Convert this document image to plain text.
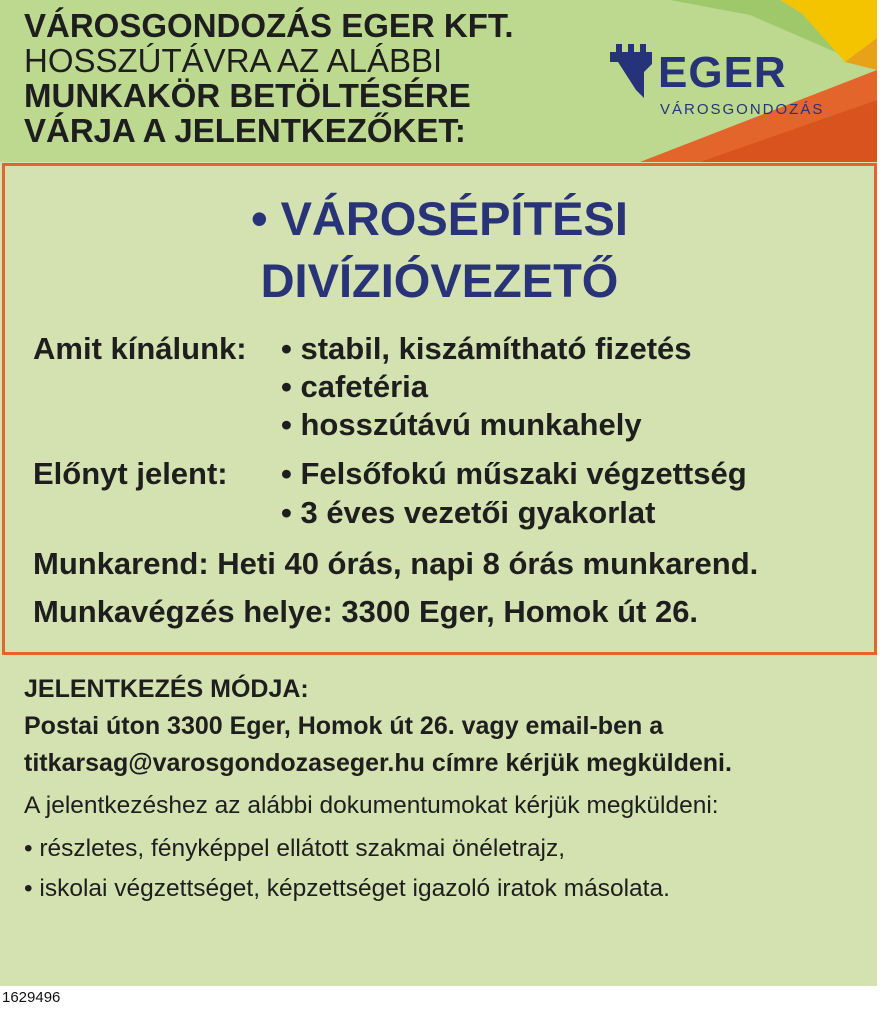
VÁROSGONDOZÁS EGER KFT.
HOSSZÚTÁVRA AZ ALÁBBI
MUNKAKÖR BETÖLTÉSÉRE
VÁRJA A JELENTKEZŐKET:
EGER
VÁROSGONDOZÁS
• VÁROSÉPÍTÉSI
DIVÍZIÓVEZETŐ
Amit kínálunk: • stabil, kiszámítható fizetés
• cafetéria
• hosszútávú munkahely
Előnyt jelent: • Felsőfokú műszaki végzettség
• 3 éves vezetői gyakorlat
Munkarend: Heti 40 órás, napi 8 órás munkarend.
Munkavégzés helye: 3300 Eger, Homok út 26.
JELENTKEZÉS MÓDJA:
Postai úton 3300 Eger, Homok út 26. vagy email-ben a titkarsag@varosgondozaseger.hu címre kérjük megküldeni.
A jelentkezéshez az alábbi dokumentumokat kérjük megküldeni:
• részletes, fényképpel ellátott szakmai önéletrajz,
• iskolai végzettséget, képzettséget igazoló iratok másolata.
1629496
